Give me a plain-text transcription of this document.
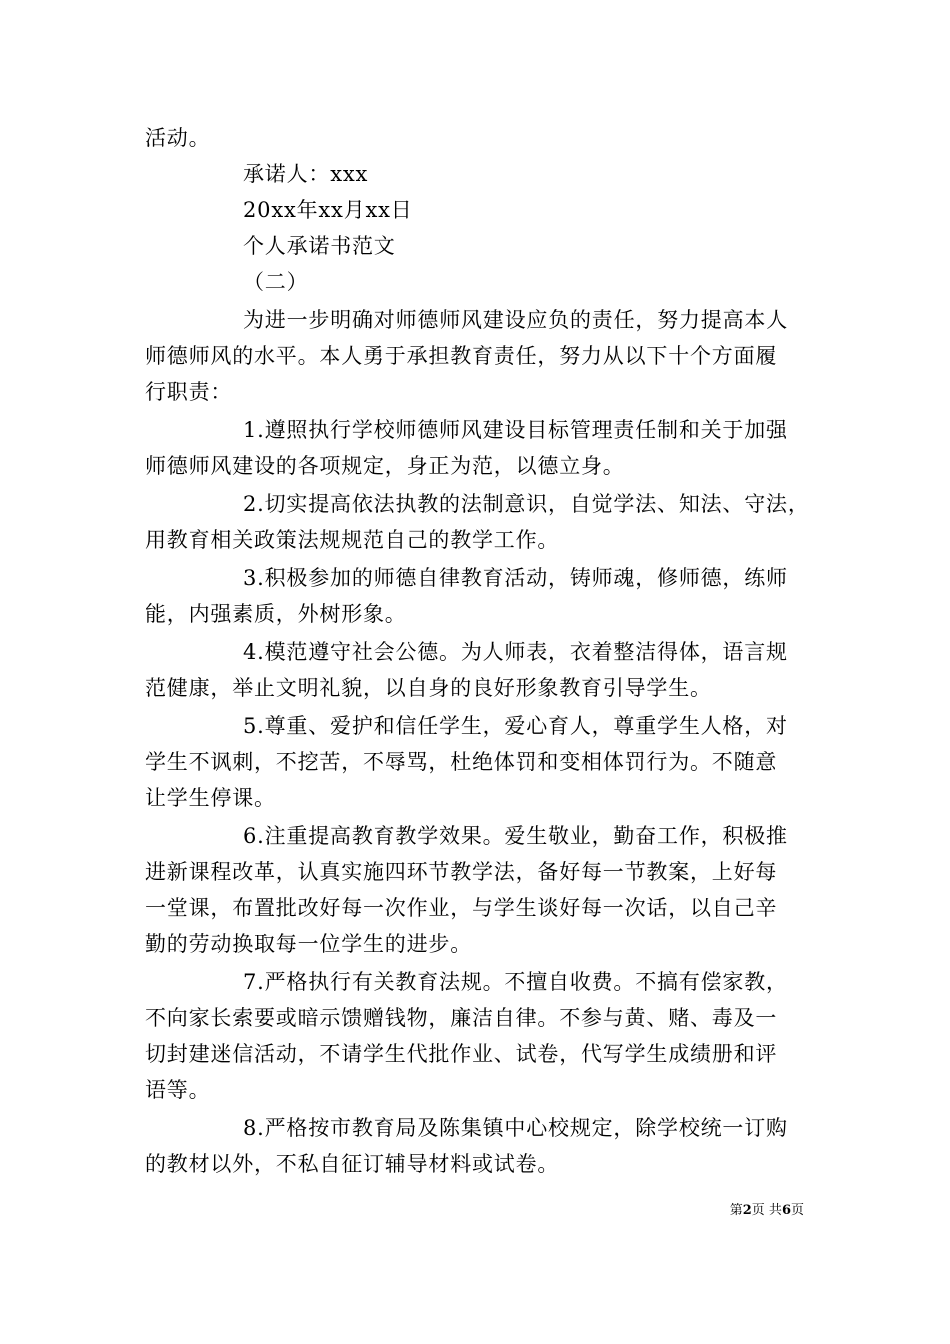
活动。
承诺人：xxx
20xx年xx月xx日
个人承诺书范文
（二）
为进一步明确对师德师风建设应负的责任，努力提高本人
师德师风的水平。本人勇于承担教育责任，努力从以下十个方面履
行职责：
1.遵照执行学校师德师风建设目标管理责任制和关于加强
师德师风建设的各项规定，身正为范，以德立身。
2.切实提高依法执教的法制意识，自觉学法、知法、守法，
用教育相关政策法规规范自己的教学工作。
3.积极参加的师德自律教育活动，铸师魂，修师德，练师
能，内强素质，外树形象。
4.模范遵守社会公德。为人师表，衣着整洁得体，语言规
范健康，举止文明礼貌，以自身的良好形象教育引导学生。
5.尊重、爱护和信任学生，爱心育人，尊重学生人格，对
学生不讽刺，不挖苦，不辱骂，杜绝体罚和变相体罚行为。不随意
让学生停课。
6.注重提高教育教学效果。爱生敬业，勤奋工作，积极推
进新课程改革，认真实施四环节教学法，备好每一节教案，上好每
一堂课，布置批改好每一次作业，与学生谈好每一次话，以自己辛
勤的劳动换取每一位学生的进步。
7.严格执行有关教育法规。不擅自收费。不搞有偿家教，
不向家长索要或暗示馈赠钱物，廉洁自律。不参与黄、赌、毒及一
切封建迷信活动，不请学生代批作业、试卷，代写学生成绩册和评
语等。
8.严格按市教育局及陈集镇中心校规定，除学校统一订购
的教材以外，不私自征订辅导材料或试卷。
第2页 共6页
